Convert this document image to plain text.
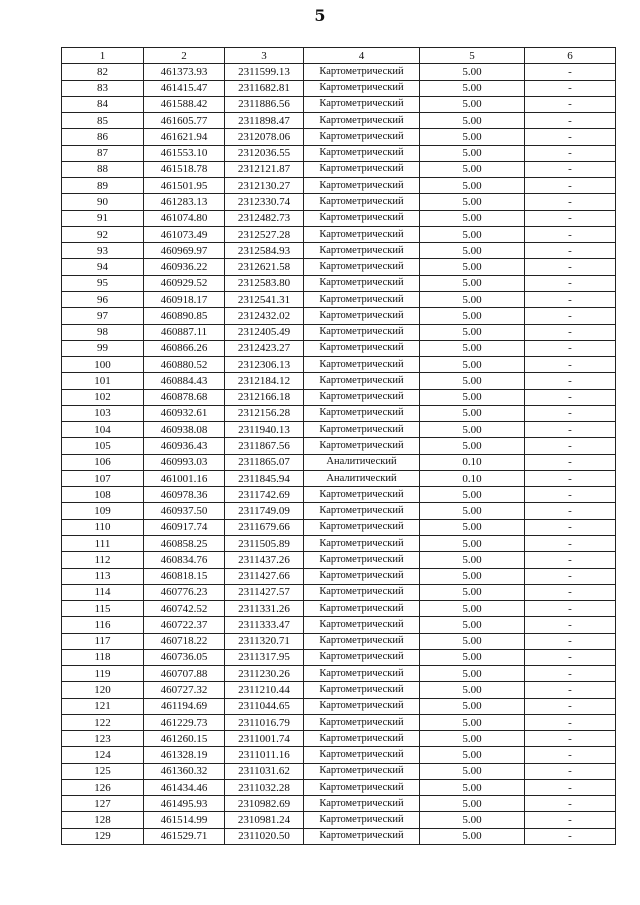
5
1	2	3	4	5	6
82	461373.93	2311599.13	Картометрический	5.00	-
83	461415.47	2311682.81	Картометрический	5.00	-
84	461588.42	2311886.56	Картометрический	5.00	-
85	461605.77	2311898.47	Картометрический	5.00	-
86	461621.94	2312078.06	Картометрический	5.00	-
87	461553.10	2312036.55	Картометрический	5.00	-
88	461518.78	2312121.87	Картометрический	5.00	-
89	461501.95	2312130.27	Картометрический	5.00	-
90	461283.13	2312330.74	Картометрический	5.00	-
91	461074.80	2312482.73	Картометрический	5.00	-
92	461073.49	2312527.28	Картометрический	5.00	-
93	460969.97	2312584.93	Картометрический	5.00	-
94	460936.22	2312621.58	Картометрический	5.00	-
95	460929.52	2312583.80	Картометрический	5.00	-
96	460918.17	2312541.31	Картометрический	5.00	-
97	460890.85	2312432.02	Картометрический	5.00	-
98	460887.11	2312405.49	Картометрический	5.00	-
99	460866.26	2312423.27	Картометрический	5.00	-
100	460880.52	2312306.13	Картометрический	5.00	-
101	460884.43	2312184.12	Картометрический	5.00	-
102	460878.68	2312166.18	Картометрический	5.00	-
103	460932.61	2312156.28	Картометрический	5.00	-
104	460938.08	2311940.13	Картометрический	5.00	-
105	460936.43	2311867.56	Картометрический	5.00	-
106	460993.03	2311865.07	Аналитический	0.10	-
107	461001.16	2311845.94	Аналитический	0.10	-
108	460978.36	2311742.69	Картометрический	5.00	-
109	460937.50	2311749.09	Картометрический	5.00	-
110	460917.74	2311679.66	Картометрический	5.00	-
111	460858.25	2311505.89	Картометрический	5.00	-
112	460834.76	2311437.26	Картометрический	5.00	-
113	460818.15	2311427.66	Картометрический	5.00	-
114	460776.23	2311427.57	Картометрический	5.00	-
115	460742.52	2311331.26	Картометрический	5.00	-
116	460722.37	2311333.47	Картометрический	5.00	-
117	460718.22	2311320.71	Картометрический	5.00	-
118	460736.05	2311317.95	Картометрический	5.00	-
119	460707.88	2311230.26	Картометрический	5.00	-
120	460727.32	2311210.44	Картометрический	5.00	-
121	461194.69	2311044.65	Картометрический	5.00	-
122	461229.73	2311016.79	Картометрический	5.00	-
123	461260.15	2311001.74	Картометрический	5.00	-
124	461328.19	2311011.16	Картометрический	5.00	-
125	461360.32	2311031.62	Картометрический	5.00	-
126	461434.46	2311032.28	Картометрический	5.00	-
127	461495.93	2310982.69	Картометрический	5.00	-
128	461514.99	2310981.24	Картометрический	5.00	-
129	461529.71	2311020.50	Картометрический	5.00	-
